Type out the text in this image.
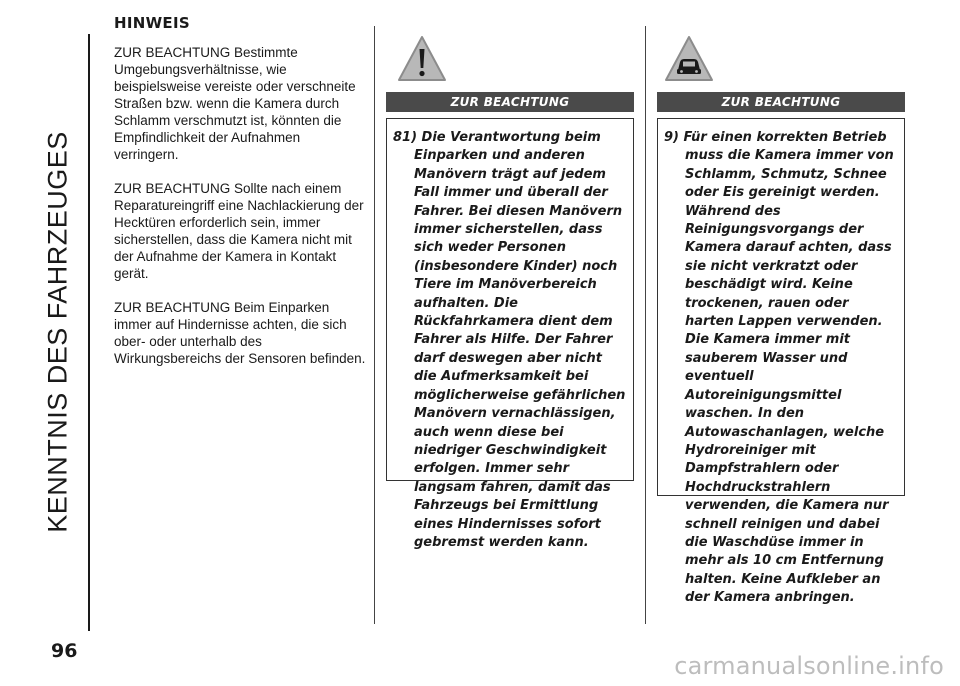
KENNTNIS DES FAHRZEUGES
HINWEIS

ZUR BEACHTUNG Bestimmte Umgebungsverhältnisse, wie beispielsweise vereiste oder verschneite Straßen bzw. wenn die Kamera durch Schlamm verschmutzt ist, könnten die Empfindlichkeit der Aufnahmen verringern.

ZUR BEACHTUNG Sollte nach einem Reparatureingriff eine Nachlackierung der Hecktüren erforderlich sein, immer sicherstellen, dass die Kamera nicht mit der Aufnahme der Kamera in Kontakt gerät.

ZUR BEACHTUNG Beim Einparken immer auf Hindernisse achten, die sich ober- oder unterhalb des Wirkungsbereichs der Sensoren befinden.

ZUR BEACHTUNG

81) Die Verantwortung beim Einparken und anderen Manövern trägt auf jedem Fall immer und überall der Fahrer. Bei diesen Manövern immer sicherstellen, dass sich weder Personen (insbesondere Kinder) noch Tiere im Manöverbereich aufhalten. Die Rückfahrkamera dient dem Fahrer als Hilfe. Der Fahrer darf deswegen aber nicht die Aufmerksamkeit bei möglicherweise gefährlichen Manövern vernachlässigen, auch wenn diese bei niedriger Geschwindigkeit erfolgen. Immer sehr langsam fahren, damit das Fahrzeugs bei Ermittlung eines Hindernisses sofort gebremst werden kann.

ZUR BEACHTUNG

9) Für einen korrekten Betrieb muss die Kamera immer von Schlamm, Schmutz, Schnee oder Eis gereinigt werden. Während des Reinigungsvorgangs der Kamera darauf achten, dass sie nicht verkratzt oder beschädigt wird. Keine trockenen, rauen oder harten Lappen verwenden. Die Kamera immer mit sauberem Wasser und eventuell Autoreinigungsmittel waschen. In den Autowaschanlagen, welche Hydroreiniger mit Dampfstrahlern oder Hochdruckstrahlern verwenden, die Kamera nur schnell reinigen und dabei die Waschdüse immer in mehr als 10 cm Entfernung halten. Keine Aufkleber an der Kamera anbringen.

96
carmanualsonline.info
